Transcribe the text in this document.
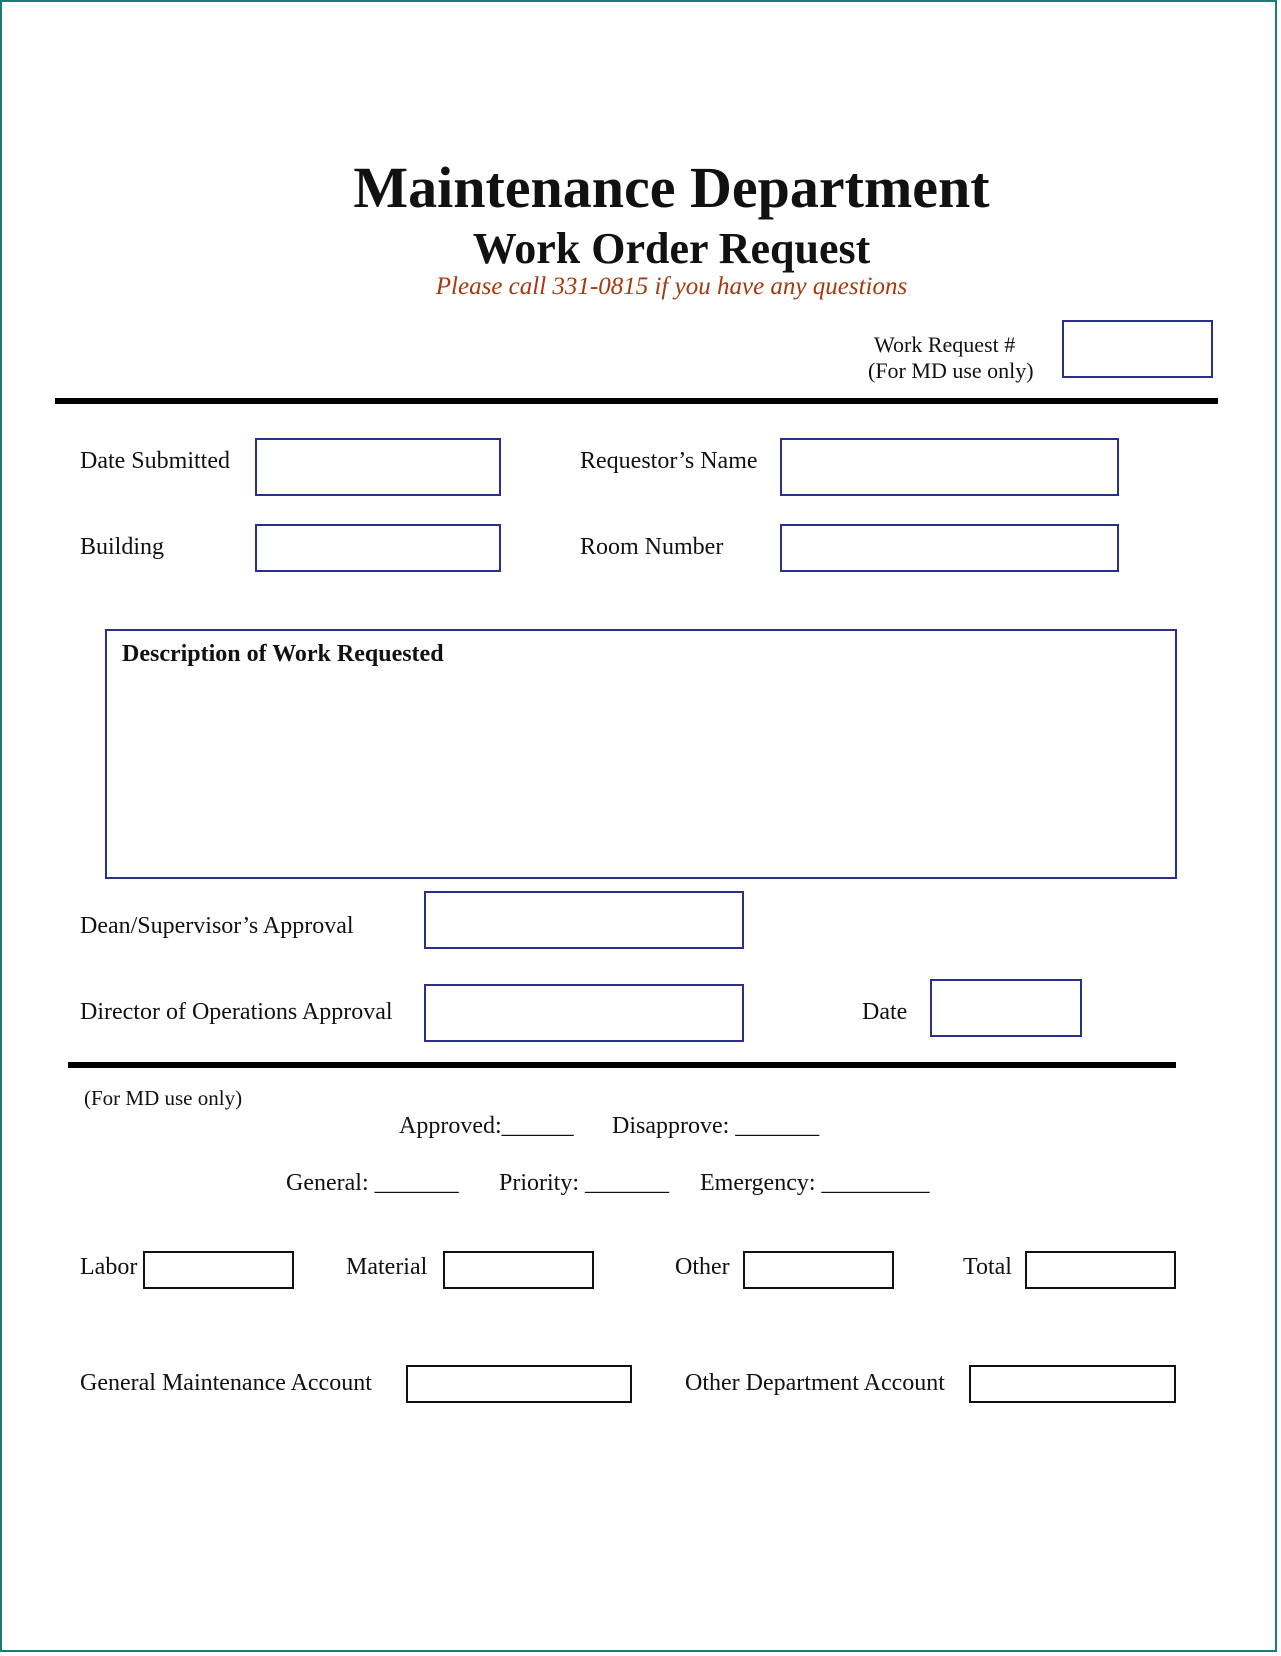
Maintenance Department
Work Order Request
Please call 331-0815 if you have any questions
Work Request #
(For MD use only)
Date Submitted	Requestor’s Name
Building	Room Number
Description of Work Requested
Dean/Supervisor’s Approval
Director of Operations Approval	Date
(For MD use only)
Approved:______ Disapprove: _______
General: _______ Priority: _______ Emergency: _________
Labor	Material	Other	Total
General Maintenance Account	Other Department Account
